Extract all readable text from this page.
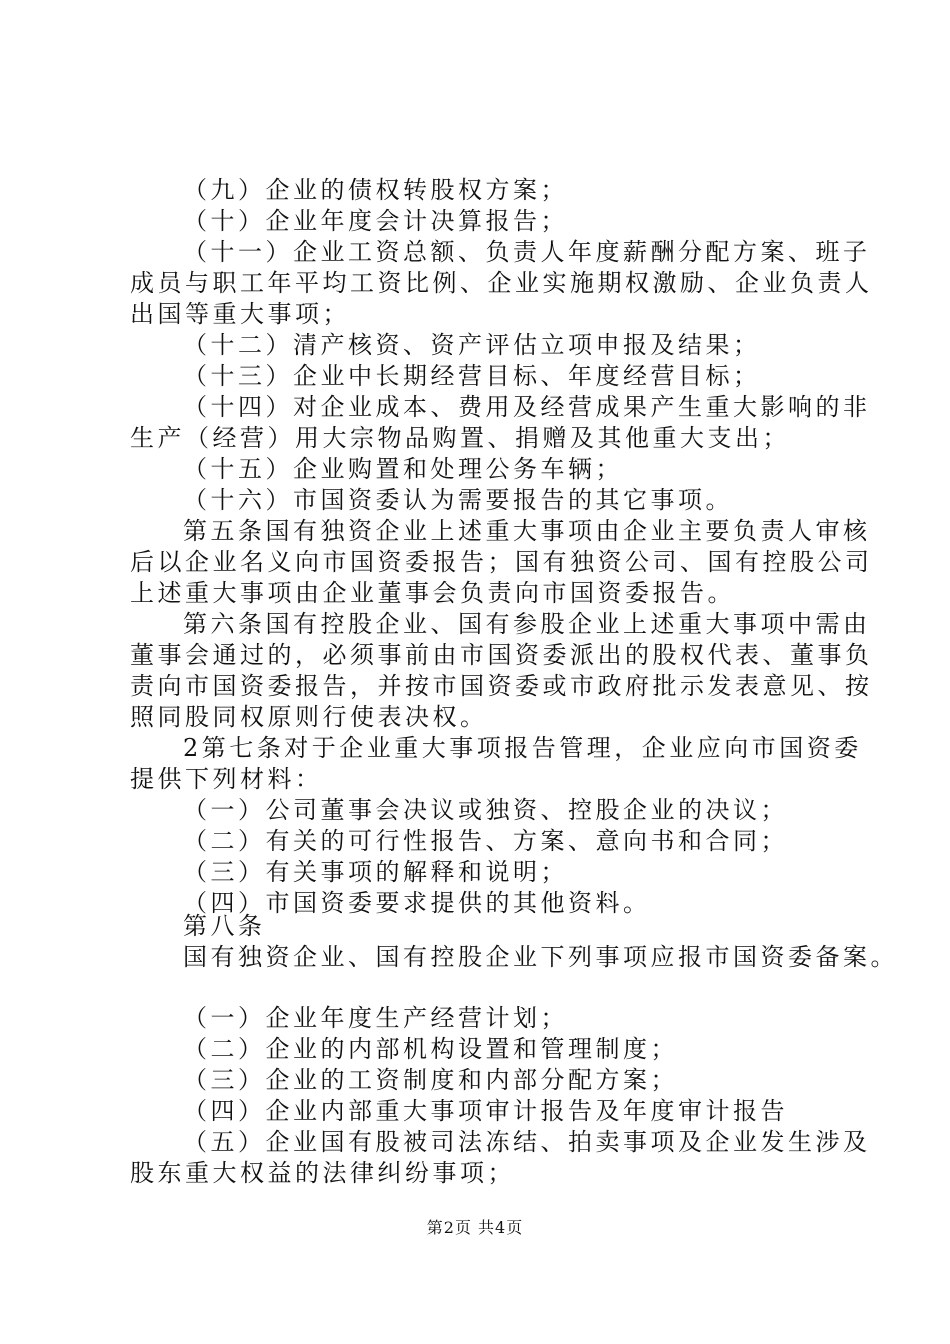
（九）企业的债权转股权方案；

（十）企业年度会计决算报告；

（十一）企业工资总额、负责人年度薪酬分配方案、班子

成员与职工年平均工资比例、企业实施期权激励、企业负责人

出国等重大事项；

（十二）清产核资、资产评估立项申报及结果；

（十三）企业中长期经营目标、年度经营目标；

（十四）对企业成本、费用及经营成果产生重大影响的非

生产（经营）用大宗物品购置、捐赠及其他重大支出；

（十五）企业购置和处理公务车辆；

（十六）市国资委认为需要报告的其它事项。

第五条国有独资企业上述重大事项由企业主要负责人审核

后以企业名义向市国资委报告；国有独资公司、国有控股公司

上述重大事项由企业董事会负责向市国资委报告。

第六条国有控股企业、国有参股企业上述重大事项中需由

董事会通过的，必须事前由市国资委派出的股权代表、董事负

责向市国资委报告，并按市国资委或市政府批示发表意见、按

照同股同权原则行使表决权。

2第七条对于企业重大事项报告管理，企业应向市国资委

提供下列材料：

（一）公司董事会决议或独资、控股企业的决议；

（二）有关的可行性报告、方案、意向书和合同；

（三）有关事项的解释和说明；

（四）市国资委要求提供的其他资料。

第八条

国有独资企业、国有控股企业下列事项应报市国资委备案。

（一）企业年度生产经营计划；

（二）企业的内部机构设置和管理制度；

（三）企业的工资制度和内部分配方案；

（四）企业内部重大事项审计报告及年度审计报告

（五）企业国有股被司法冻结、拍卖事项及企业发生涉及

股东重大权益的法律纠纷事项；

第2页 共4页
